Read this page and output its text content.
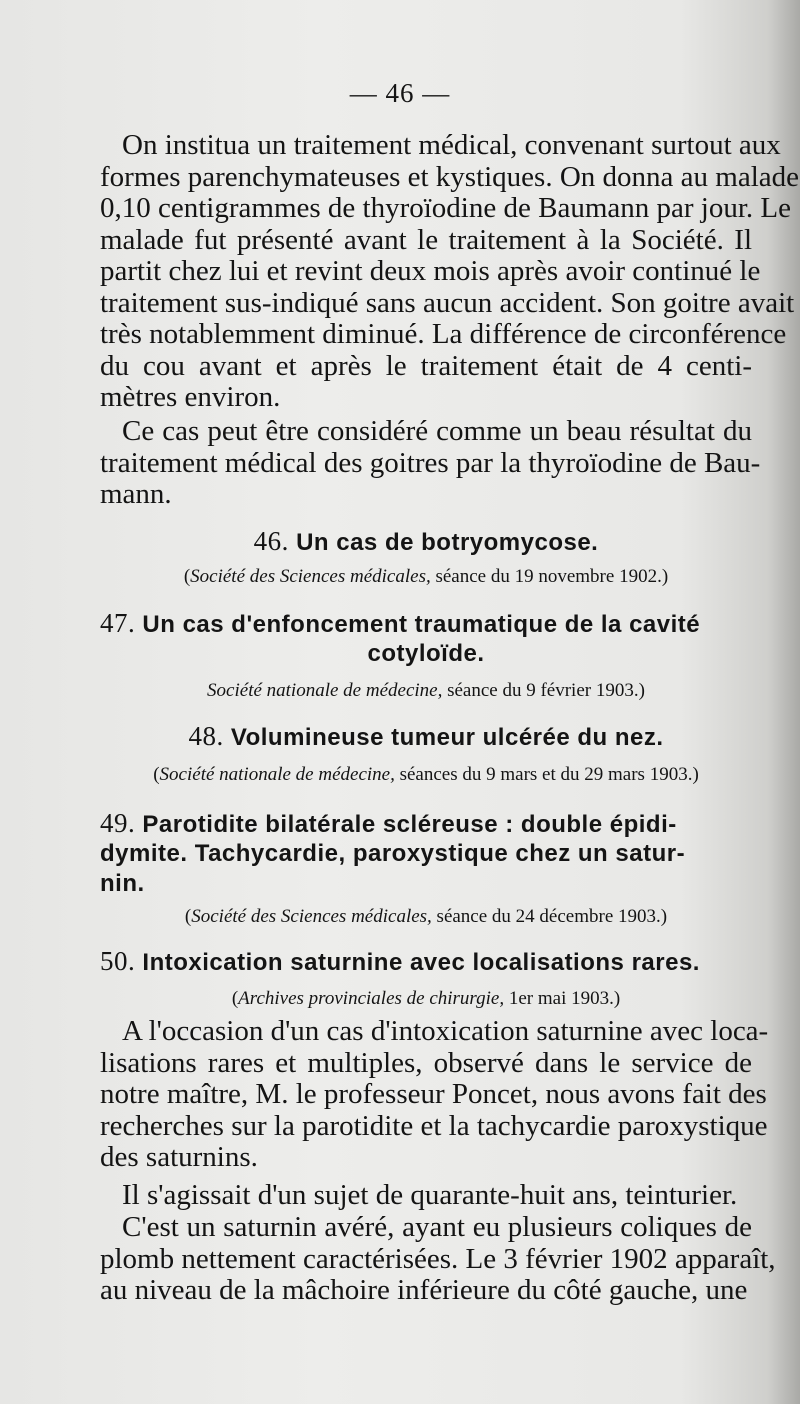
— 46 —
On institua un traitement médical, convenant surtout aux
formes parenchymateuses et kystiques. On donna au malade
0,10 centigrammes de thyroïodine de Baumann par jour. Le
malade fut présenté avant le traitement à la Société. Il
partit chez lui et revint deux mois après avoir continué le
traitement sus-indiqué sans aucun accident. Son goitre avait
très notablemment diminué. La différence de circonférence
du cou avant et après le traitement était de 4 centi-
mètres environ.
Ce cas peut être considéré comme un beau résultat du
traitement médical des goitres par la thyroïodine de Bau-
mann.
46. Un cas de botryomycose.
(Société des Sciences médicales, séance du 19 novembre 1902.)
47. Un cas d'enfoncement traumatique de la cavité
cotyloïde.
Société nationale de médecine, séance du 9 février 1903.)
48. Volumineuse tumeur ulcérée du nez.
(Société nationale de médecine, séances du 9 mars et du 29 mars 1903.)
49. Parotidite bilatérale scléreuse : double épidi-
dymite. Tachycardie, paroxystique chez un satur-
nin.
(Société des Sciences médicales, séance du 24 décembre 1903.)
50. Intoxication saturnine avec localisations rares.
(Archives provinciales de chirurgie, 1er mai 1903.)
A l'occasion d'un cas d'intoxication saturnine avec loca-
lisations rares et multiples, observé dans le service de
notre maître, M. le professeur Poncet, nous avons fait des
recherches sur la parotidite et la tachycardie paroxystique
des saturnins.
Il s'agissait d'un sujet de quarante-huit ans, teinturier.
C'est un saturnin avéré, ayant eu plusieurs coliques de
plomb nettement caractérisées. Le 3 février 1902 apparaît,
au niveau de la mâchoire inférieure du côté gauche, une
